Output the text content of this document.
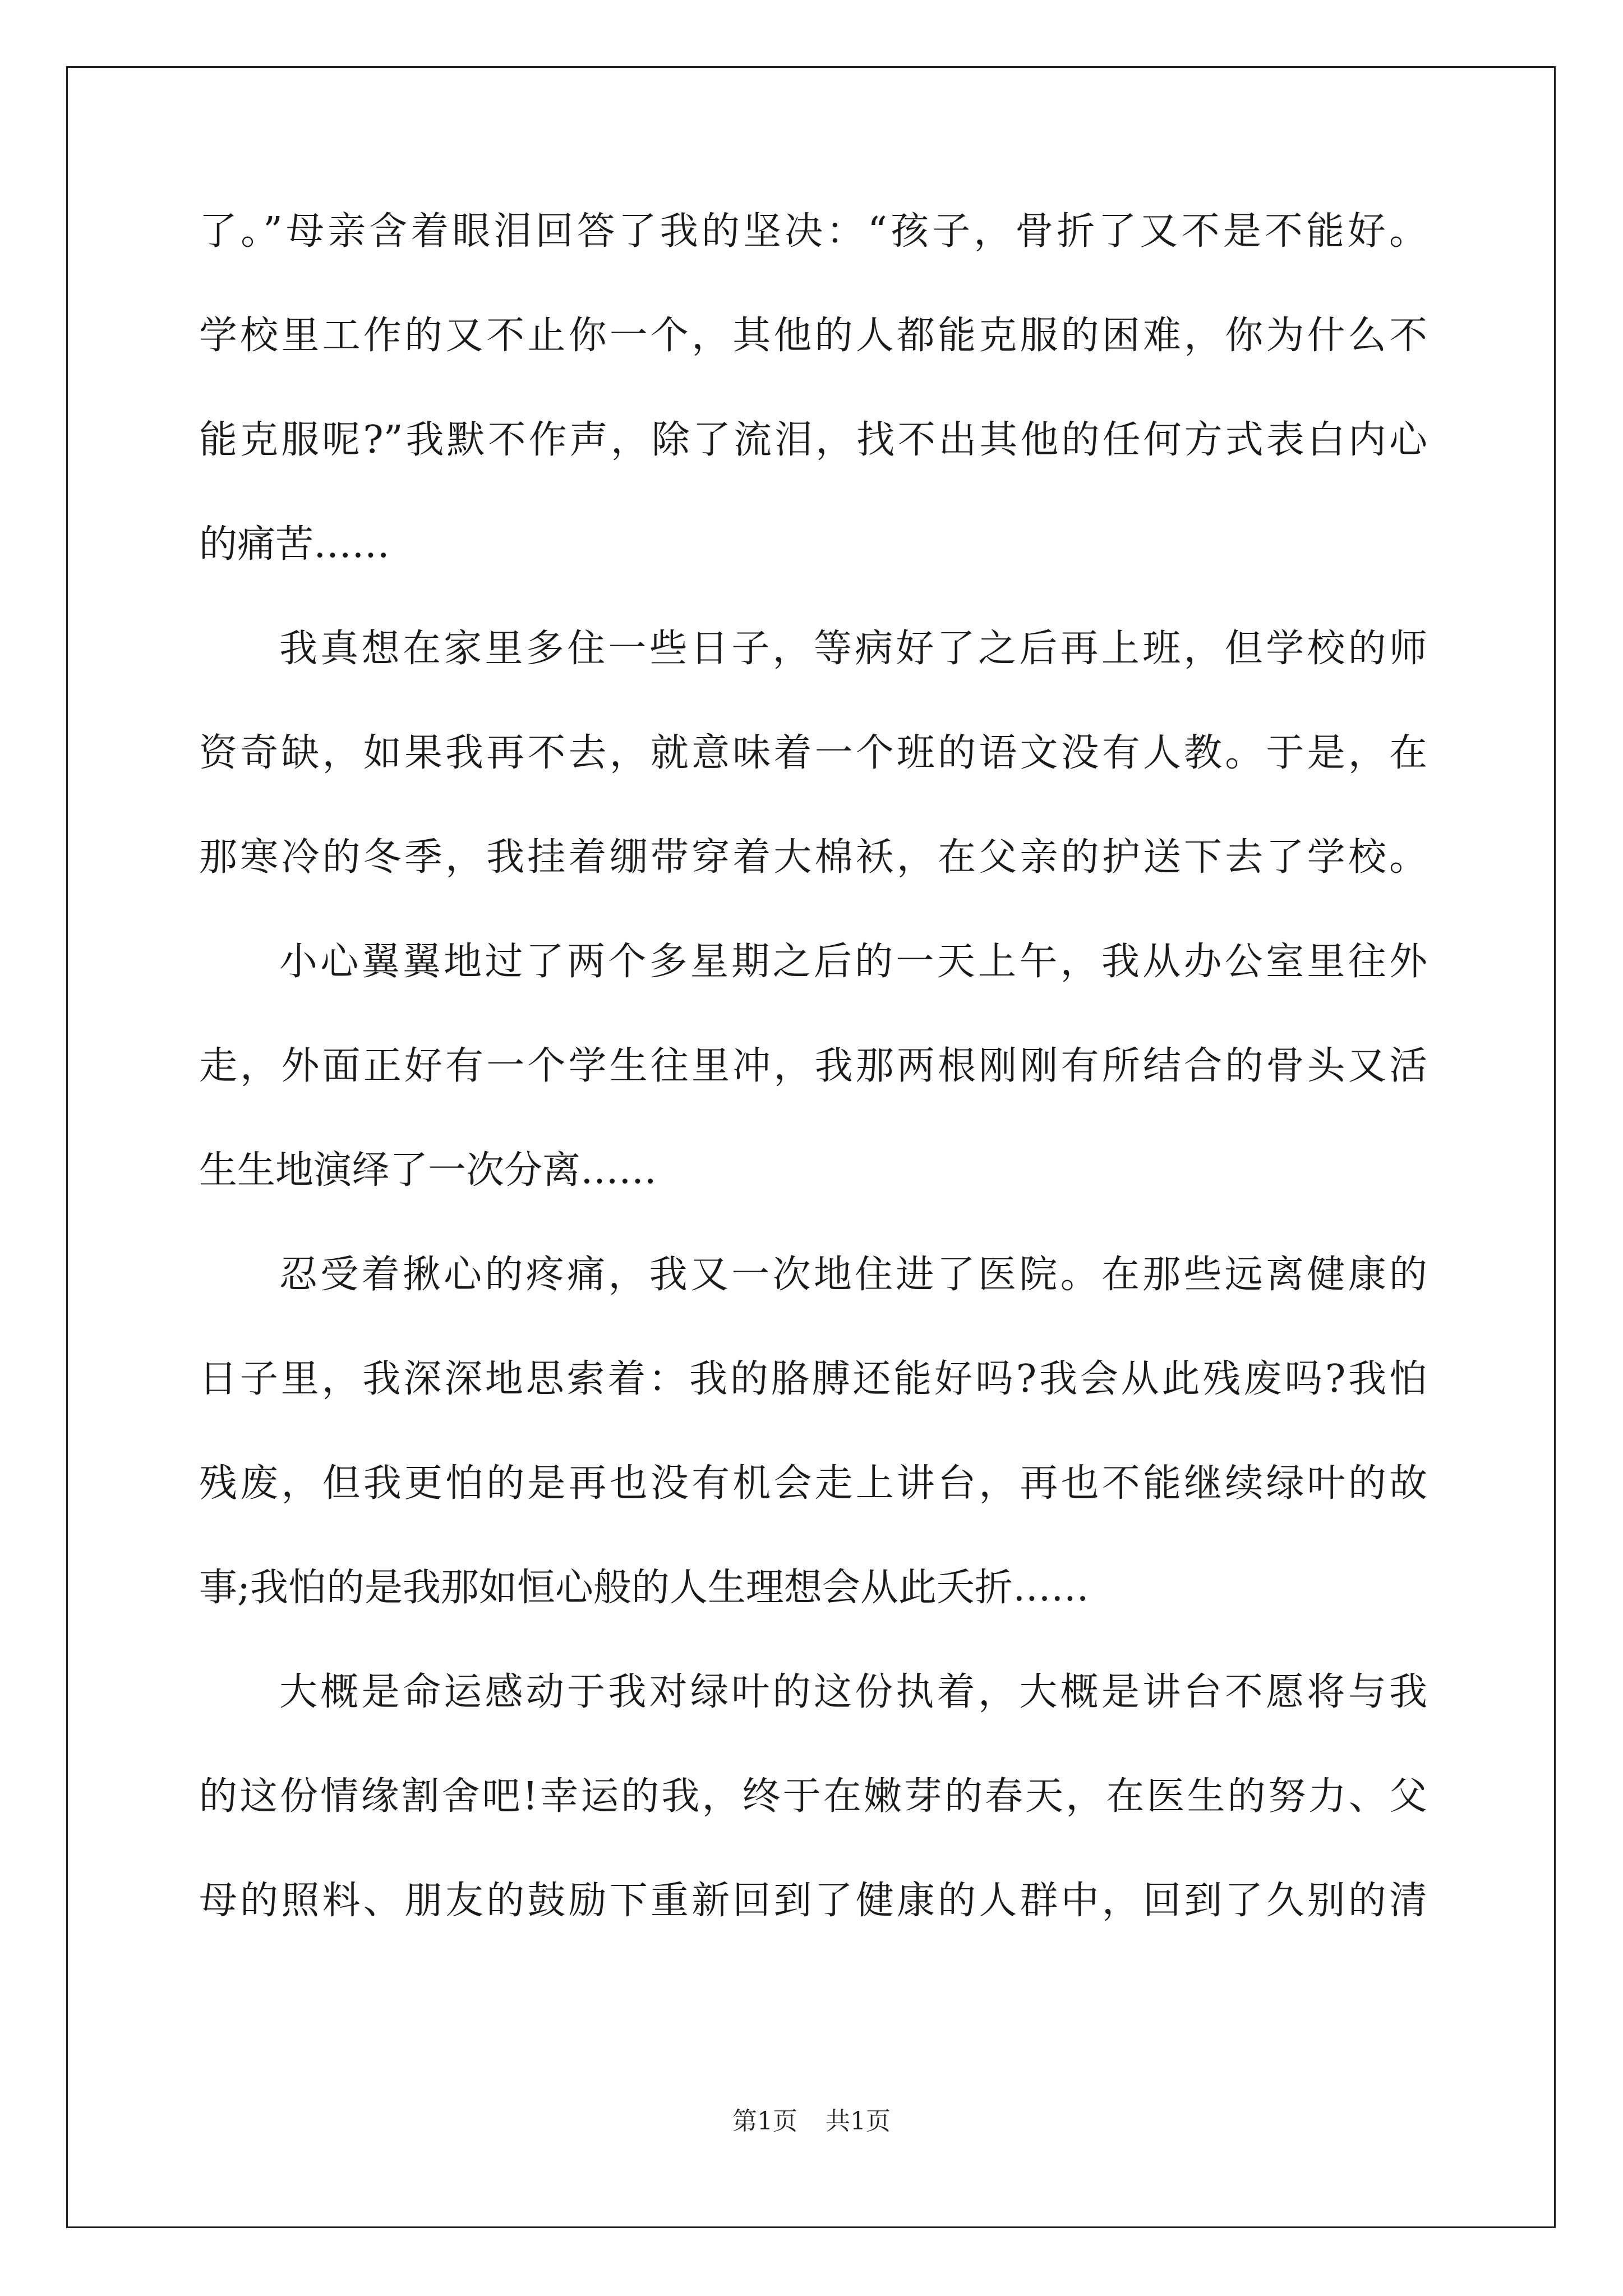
了。”母亲含着眼泪回答了我的坚决：“孩子，骨折了又不是不能好。
学校里工作的又不止你一个，其他的人都能克服的困难，你为什么不
能克服呢?”我默不作声，除了流泪，找不出其他的任何方式表白内心
的痛苦……
我真想在家里多住一些日子，等病好了之后再上班，但学校的师
资奇缺，如果我再不去，就意味着一个班的语文没有人教。于是，在
那寒冷的冬季，我挂着绷带穿着大棉袄，在父亲的护送下去了学校。
小心翼翼地过了两个多星期之后的一天上午，我从办公室里往外
走，外面正好有一个学生往里冲，我那两根刚刚有所结合的骨头又活
生生地演绎了一次分离……
忍受着揪心的疼痛，我又一次地住进了医院。在那些远离健康的
日子里，我深深地思索着：我的胳膊还能好吗?我会从此残废吗?我怕
残废，但我更怕的是再也没有机会走上讲台，再也不能继续绿叶的故
事;我怕的是我那如恒心般的人生理想会从此夭折……
大概是命运感动于我对绿叶的这份执着，大概是讲台不愿将与我
的这份情缘割舍吧!幸运的我，终于在嫩芽的春天，在医生的努力、父
母的照料、朋友的鼓励下重新回到了健康的人群中，回到了久别的清
第1页 共1页
